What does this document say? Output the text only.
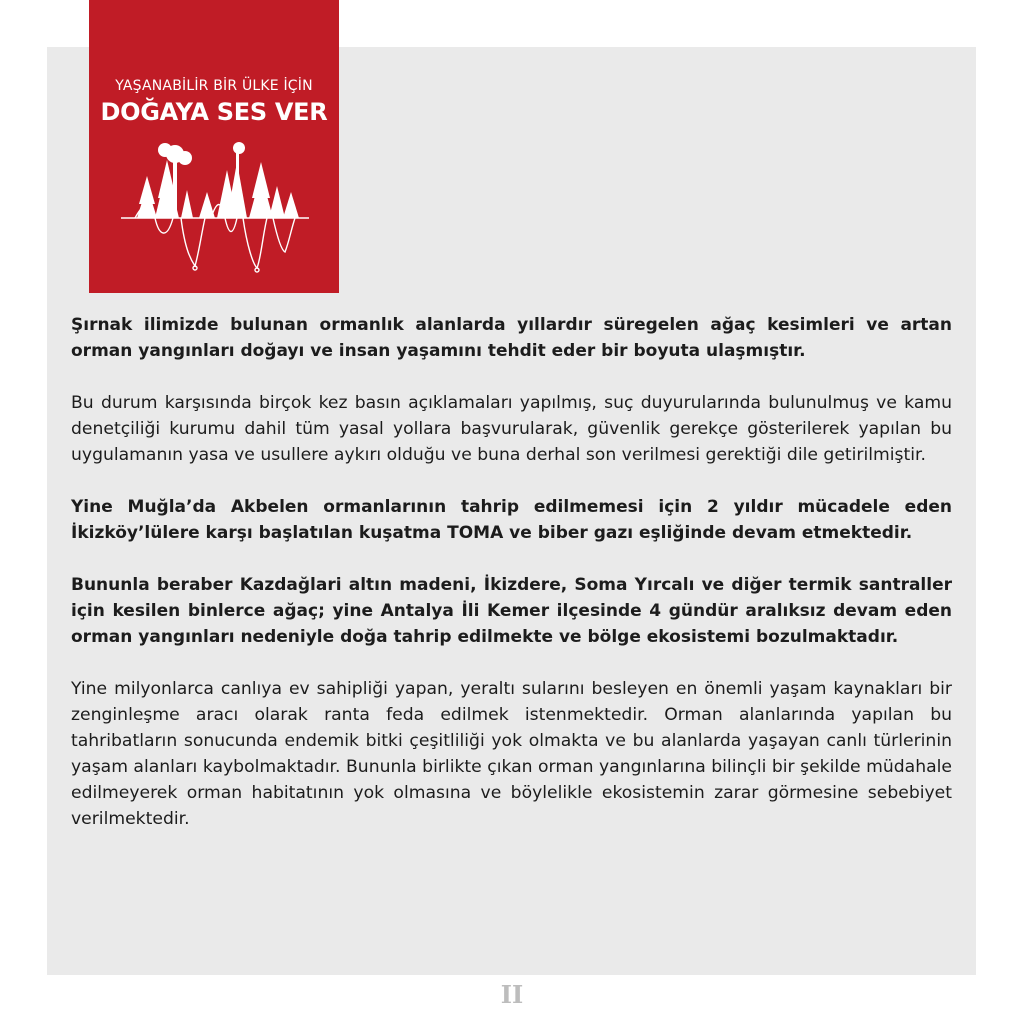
YAŞANABİLİR BİR ÜLKE İÇİN
DOĞAYA SES VER

Şırnak ilimizde bulunan ormanlık alanlarda yıllardır süregelen ağaç kesimleri ve artan orman yangınları doğayı ve insan yaşamını tehdit eder bir boyuta ulaşmıştır.

Bu durum karşısında birçok kez basın açıklamaları yapılmış, suç duyurularında bulunulmuş ve kamu denetçiliği kurumu dahil tüm yasal yollara başvurularak, güvenlik gerekçe gösterilerek yapılan bu uygulamanın yasa ve usullere aykırı olduğu ve buna derhal son verilmesi gerektiği dile getirilmiştir.

Yine Muğla’da Akbelen ormanlarının tahrip edilmemesi için 2 yıldır mücadele eden İkizköy’lülere karşı başlatılan kuşatma TOMA ve biber gazı eşliğinde devam etmektedir.

Bununla beraber Kazdağlari altın madeni, İkizdere, Soma Yırcalı ve diğer termik santraller için kesilen binlerce ağaç; yine Antalya İli Kemer ilçesinde 4 gündür aralıksız devam eden orman yangınları nedeniyle doğa tahrip edilmekte ve bölge ekosistemi bozulmaktadır.

Yine milyonlarca canlıya ev sahipliği yapan, yeraltı sularını besleyen en önemli yaşam kaynakları bir zenginleşme aracı olarak ranta feda edilmek istenmektedir. Orman alanlarında yapılan bu tahribatların sonucunda endemik bitki çeşitliliği yok olmakta ve bu alanlarda yaşayan canlı türlerinin yaşam alanları kaybolmaktadır. Bununla birlikte çıkan orman yangınlarına bilinçli bir şekilde müdahale edilmeyerek orman habitatının yok olmasına ve böylelikle ekosistemin zarar görmesine sebebiyet verilmektedir.

II
